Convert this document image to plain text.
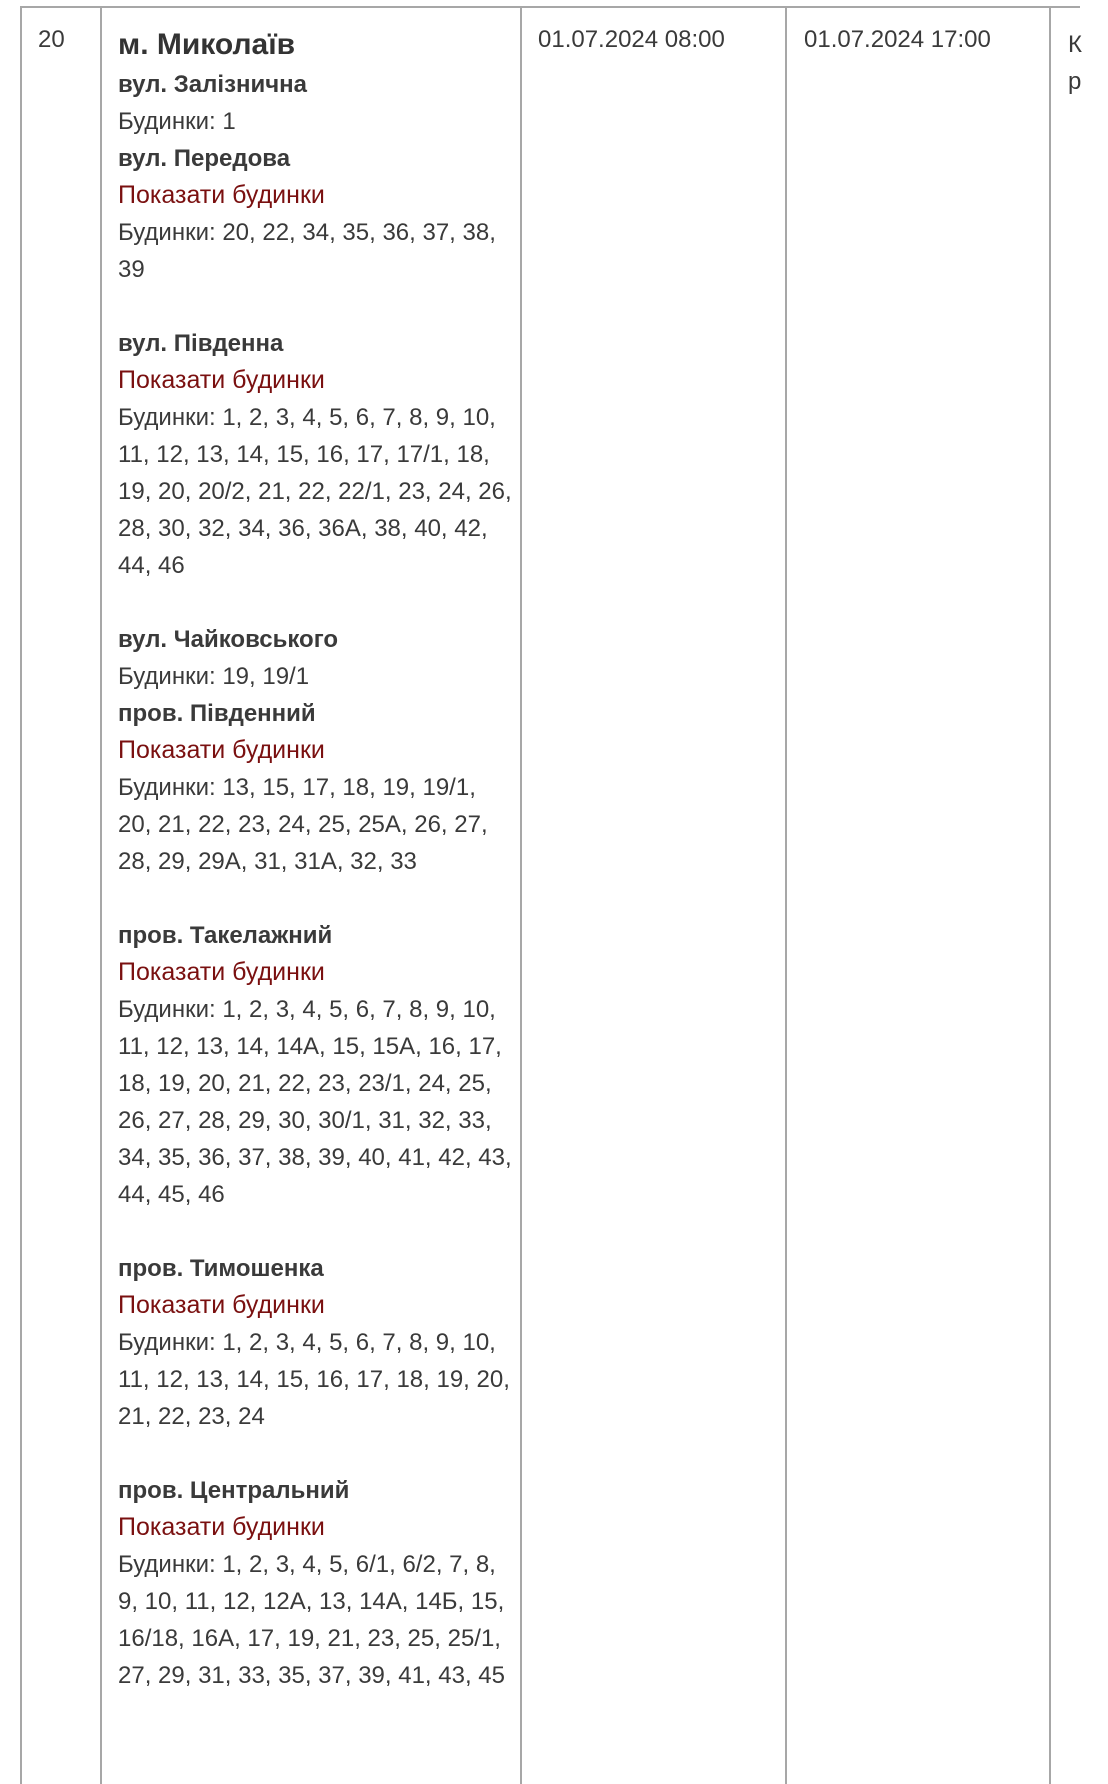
20 м. Миколаїв
вул. Залізнична
Будинки: 1
вул. Передова
Показати будинки
Будинки: 20, 22, 34, 35, 36, 37, 38, 39
вул. Південна
Показати будинки
Будинки: 1, 2, 3, 4, 5, 6, 7, 8, 9, 10, 11, 12, 13, 14, 15, 16, 17, 17/1, 18, 19, 20, 20/2, 21, 22, 22/1, 23, 24, 26, 28, 30, 32, 34, 36, 36А, 38, 40, 42, 44, 46
вул. Чайковського
Будинки: 19, 19/1
пров. Південний
Показати будинки
Будинки: 13, 15, 17, 18, 19, 19/1, 20, 21, 22, 23, 24, 25, 25А, 26, 27, 28, 29, 29А, 31, 31А, 32, 33
пров. Такелажний
Показати будинки
Будинки: 1, 2, 3, 4, 5, 6, 7, 8, 9, 10, 11, 12, 13, 14, 14А, 15, 15А, 16, 17, 18, 19, 20, 21, 22, 23, 23/1, 24, 25, 26, 27, 28, 29, 30, 30/1, 31, 32, 33, 34, 35, 36, 37, 38, 39, 40, 41, 42, 43, 44, 45, 46
пров. Тимошенка
Показати будинки
Будинки: 1, 2, 3, 4, 5, 6, 7, 8, 9, 10, 11, 12, 13, 14, 15, 16, 17, 18, 19, 20, 21, 22, 23, 24
пров. Центральний
Показати будинки
Будинки: 1, 2, 3, 4, 5, 6/1, 6/2, 7, 8, 9, 10, 11, 12, 12А, 13, 14А, 14Б, 15, 16/18, 16А, 17, 19, 21, 23, 25, 25/1, 27, 29, 31, 33, 35, 37, 39, 41, 43, 45
01.07.2024 08:00	01.07.2024 17:00	К
р
